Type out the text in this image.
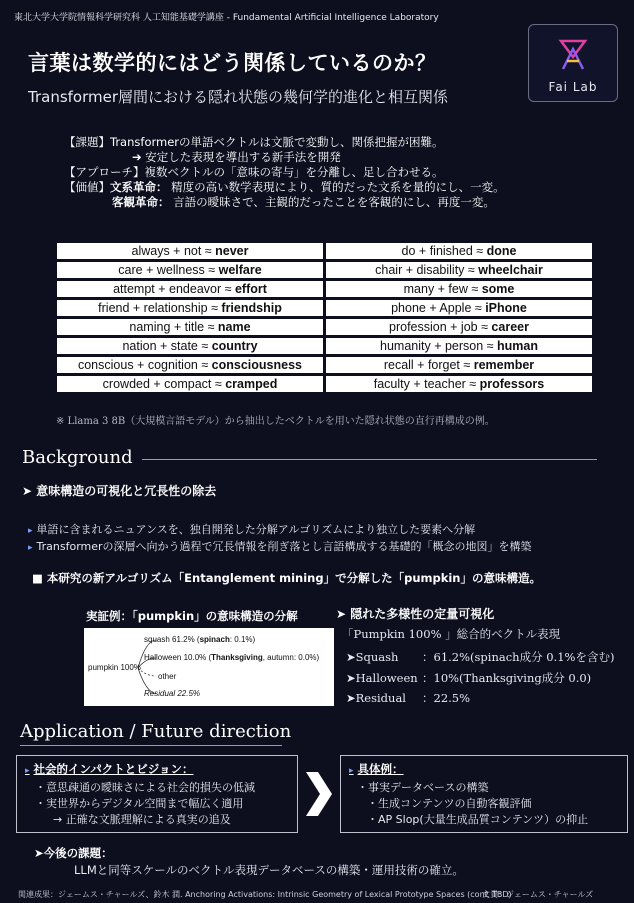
東北大学大学院情報科学研究科 人工知能基礎学講座 - Fundamental Artificial Intelligence Laboratory
言葉は数学的にはどう関係しているのか？
Transformer層間における隠れ状態の幾何学的進化と相互関係
Fai Lab
【課題】Transformerの単語ベクトルは文脈で変動し、関係把握が困難。
➔ 安定した表現を導出する新手法を開発
【アプローチ】複数ベクトルの「意味の寄与」を分離し、足し合わせる。
【価値】文系革命： 精度の高い数学表現により、質的だった文系を量的にし、一変。
客観革命： 言語の曖昧さで、主観的だったことを客観的にし、再度一変。
always + not ≈ never	do + finished ≈ done
care + wellness ≈ welfare	chair + disability ≈ wheelchair
attempt + endeavor ≈ effort	many + few ≈ some
friend + relationship ≈ friendship	phone + Apple ≈ iPhone
naming + title ≈ name	profession + job ≈ career
nation + state ≈ country	humanity + person ≈ human
conscious + cognition ≈ consciousness	recall + forget ≈ remember
crowded + compact ≈ cramped	faculty + teacher ≈ professors
※ Llama 3 8B（大規模言語モデル）から抽出したベクトルを用いた隠れ状態の直行再構成の例。
Background
➤ 意味構造の可視化と冗長性の除去
▸ 単語に含まれるニュアンスを、独自開発した分解アルゴリズムにより独立した要素へ分解
▸ Transformerの深層へ向かう過程で冗長情報を削ぎ落とし言語構成する基礎的「概念の地図」を構築
■ 本研究の新アルゴリズム「Entanglement mining」で分解した「pumpkin」の意味構造。
実証例：「pumpkin」の意味構造の分解
pumpkin 100%
squash 61.2% (spinach: 0.1%)
Halloween 10.0% (Thanksgiving, autumn: 0.0%)
other
Residual 22.5%
➤ 隠れた多様性の定量可視化
「Pumpkin 100% 」総合的ベクトル表現
➤Squash ：61.2%(spinach成分 0.1%を含む)
➤Halloween ：10%(Thanksgiving成分 0.0)
➤Residual ：22.5%
Application / Future direction
▸ 社会的インパクトとビジョン：
・意思疎通の曖昧さによる社会的損失の低減
・実世界からデジタル空間まで幅広く適用
→ 正確な文脈理解による真実の追及
▸ 具体例：
・事実データベースの構築
・生成コンテンツの自動客観評価
・AP Slop(大量生成品質コンテンツ）の抑止
➤今後の課題：
LLMと同等スケールのベクトル表現データベースの構築・運用技術の確立。
関連成果：ジェームス・チャールズ、鈴木 潤. Anchoring Activations: Intrinsic Geometry of Lexical Prototype Spaces (conf. TBD)
文責：ジェームス・チャールズ
